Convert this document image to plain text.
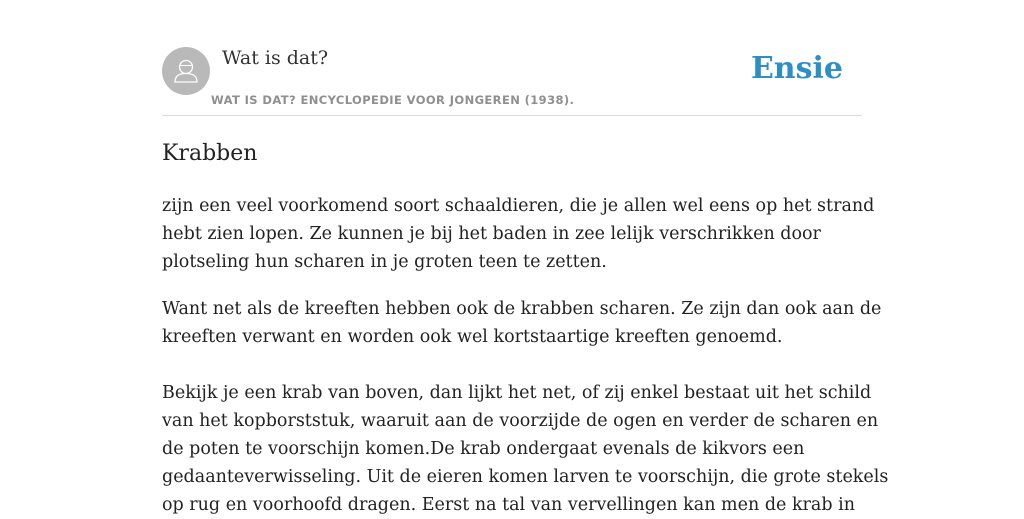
Wat is dat?
WAT IS DAT? ENCYCLOPEDIE VOOR JONGEREN (1938).
Ensie
Krabben

zijn een veel voorkomend soort schaaldieren, die je allen wel eens op het strand
hebt zien lopen. Ze kunnen je bij het baden in zee lelijk verschrikken door
plotseling hun scharen in je groten teen te zetten.

Want net als de kreeften hebben ook de krabben scharen. Ze zijn dan ook aan de
kreeften verwant en worden ook wel kortstaartige kreeften genoemd.

Bekijk je een krab van boven, dan lijkt het net, of zij enkel bestaat uit het schild
van het kopborststuk, waaruit aan de voorzijde de ogen en verder de scharen en
de poten te voorschijn komen.De krab ondergaat evenals de kikvors een
gedaanteverwisseling. Uit de eieren komen larven te voorschijn, die grote stekels
op rug en voorhoofd dragen. Eerst na tal van vervellingen kan men de krab in
